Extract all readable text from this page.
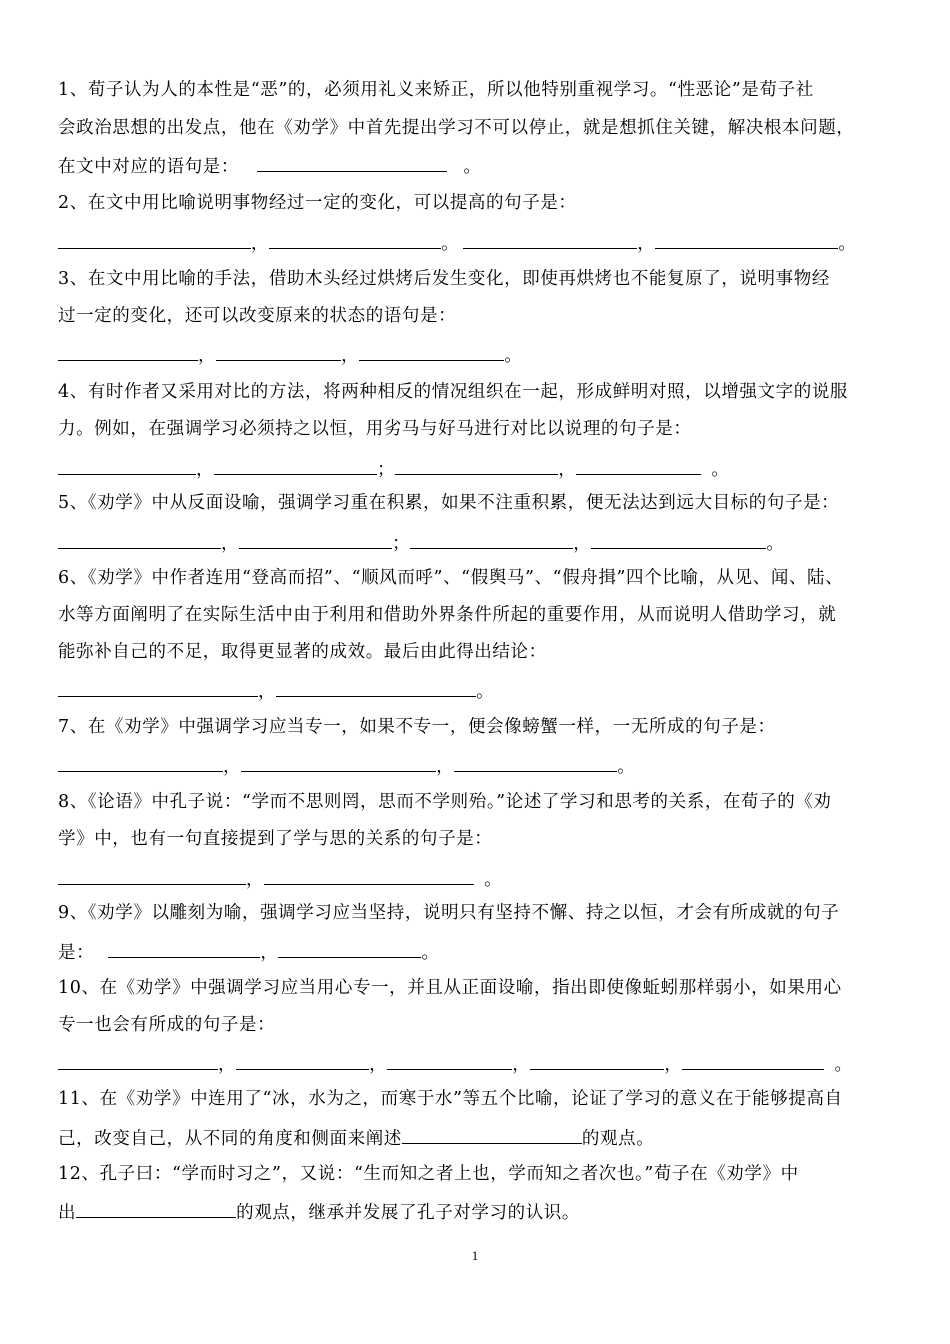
1、荀子认为人的本性是“恶”的，必须用礼义来矫正，所以他特别重视学习。“性恶论”是荀子社
会政治思想的出发点，他在《劝学》中首先提出学习不可以停止，就是想抓住关键，解决根本问题，
在文中对应的语句是：	。
2、在文中用比喻说明事物经过一定的变化，可以提高的句子是：
，	。	，	。
3、在文中用比喻的手法，借助木头经过烘烤后发生变化，即使再烘烤也不能复原了，说明事物经
过一定的变化，还可以改变原来的状态的语句是：
，	，	。
4、有时作者又采用对比的方法，将两种相反的情况组织在一起，形成鲜明对照，以增强文字的说服
力。例如，在强调学习必须持之以恒，用劣马与好马进行对比以说理的句子是：
，	；	，	。
5、《劝学》中从反面设喻，强调学习重在积累，如果不注重积累，便无法达到远大目标的句子是：
，	；	，	。
6、《劝学》中作者连用“登高而招”、“顺风而呼”、“假舆马”、“假舟揖”四个比喻，从见、闻、陆、
水等方面阐明了在实际生活中由于利用和借助外界条件所起的重要作用，从而说明人借助学习，就
能弥补自己的不足，取得更显著的成效。最后由此得出结论：
，	。
7、在《劝学》中强调学习应当专一，如果不专一，便会像螃蟹一样，一无所成的句子是：
，	，	。
8、《论语》中孔子说：“学而不思则罔，思而不学则殆。”论述了学习和思考的关系，在荀子的《劝
学》中，也有一句直接提到了学与思的关系的句子是：
，	。
9、《劝学》以雕刻为喻，强调学习应当坚持，说明只有坚持不懈、持之以恒，才会有所成就的句子
是：	，	。
10、在《劝学》中强调学习应当用心专一，并且从正面设喻，指出即使像蚯蚓那样弱小，如果用心
专一也会有所成的句子是：
，	，	，	，	。
11、在《劝学》中连用了“冰，水为之，而寒于水”等五个比喻，论证了学习的意义在于能够提高自
己，改变自己，从不同的角度和侧面来阐述	的观点。
12、孔子曰：“学而时习之”，又说：“生而知之者上也，学而知之者次也。”荀子在《劝学》中
出	的观点，继承并发展了孔子对学习的认识。
1
